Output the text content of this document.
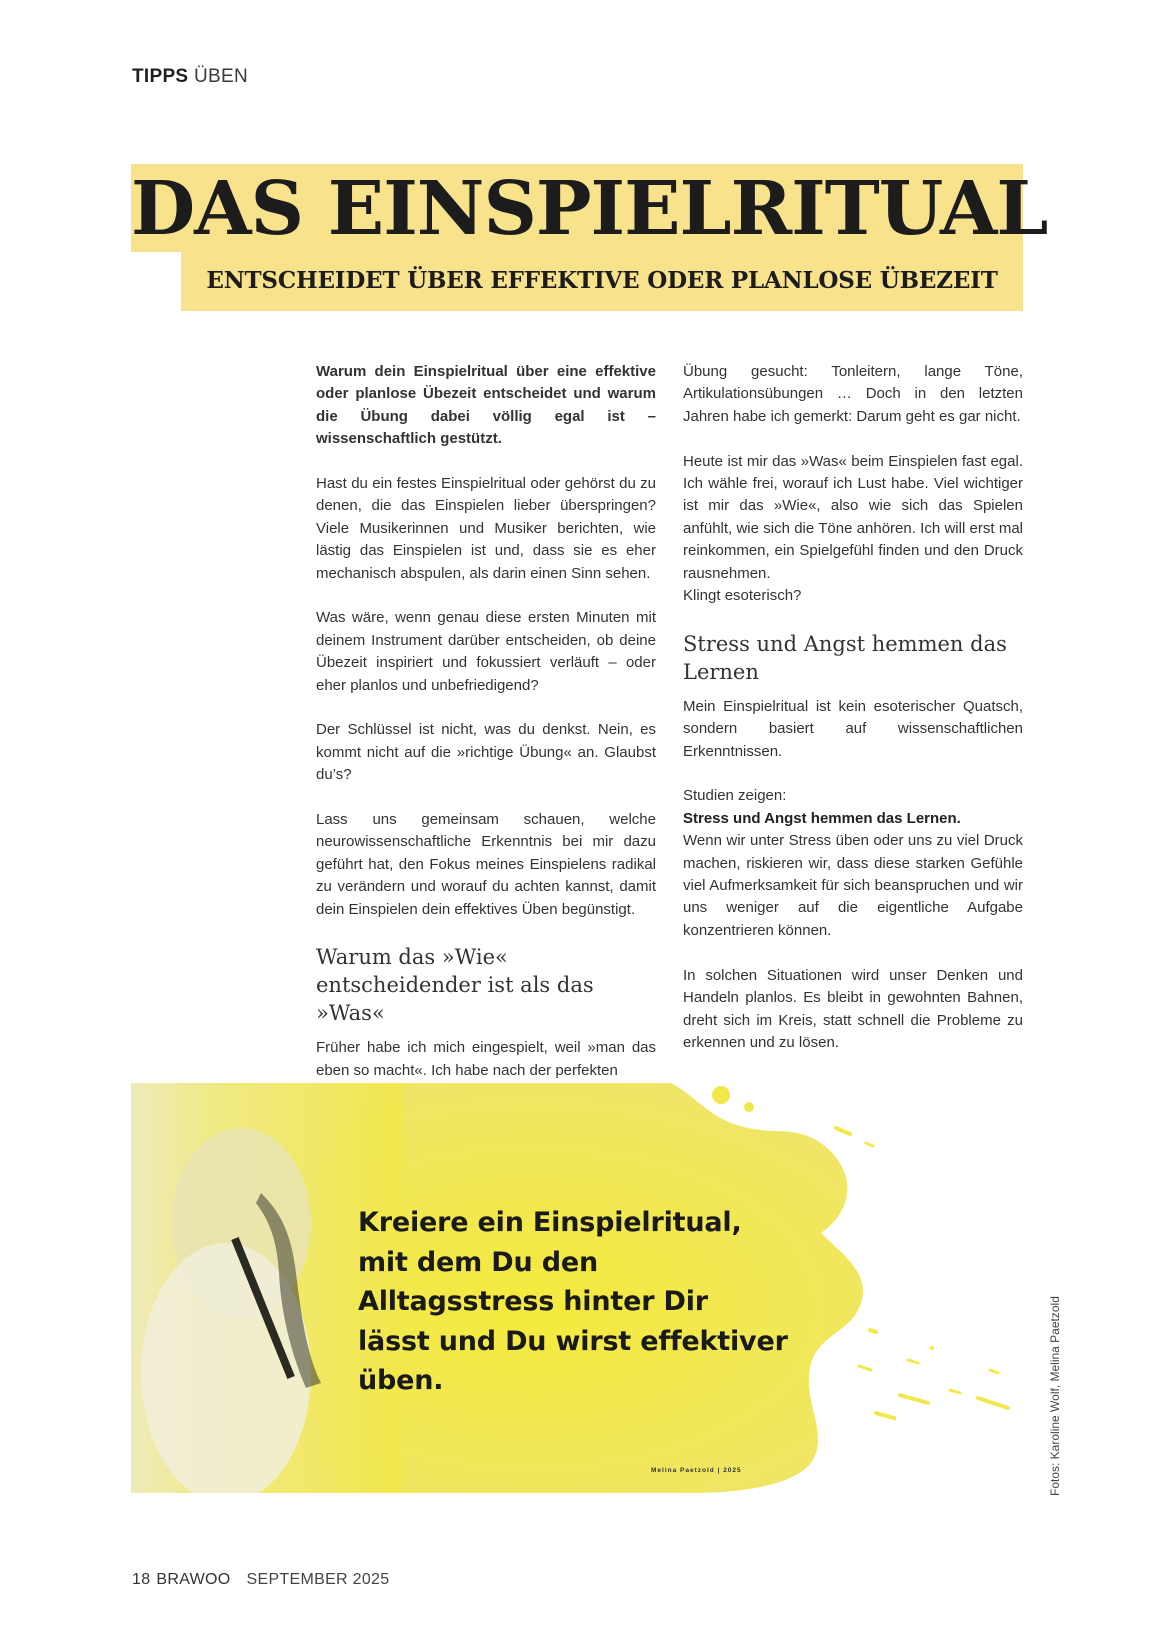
TIPPS ÜBEN
DAS EINSPIELRITUAL
ENTSCHEIDET ÜBER EFFEKTIVE ODER PLANLOSE ÜBEZEIT

Warum dein Einspielritual über eine effektive oder planlose Übezeit entscheidet und warum die Übung dabei völlig egal ist – wissenschaftlich gestützt.

Hast du ein festes Einspielritual oder gehörst du zu denen, die das Einspielen lieber überspringen? Viele Musikerinnen und Musiker berichten, wie lästig das Einspielen ist und, dass sie es eher mechanisch abspulen, als darin einen Sinn sehen.

Was wäre, wenn genau diese ersten Minuten mit deinem Instrument darüber entscheiden, ob deine Übezeit inspiriert und fokussiert verläuft – oder eher planlos und unbefriedigend?

Der Schlüssel ist nicht, was du denkst. Nein, es kommt nicht auf die »richtige Übung« an. Glaubst du’s?

Lass uns gemeinsam schauen, welche neurowissenschaftliche Erkenntnis bei mir dazu geführt hat, den Fokus meines Einspielens radikal zu verändern und worauf du achten kannst, damit dein Einspielen dein effektives Üben begünstigt.

Warum das »Wie« entscheidender ist als das »Was«

Früher habe ich mich eingespielt, weil »man das eben so macht«. Ich habe nach der perfekten

Übung gesucht: Tonleitern, lange Töne, Artikulationsübungen … Doch in den letzten Jahren habe ich gemerkt: Darum geht es gar nicht.

Heute ist mir das »Was« beim Einspielen fast egal. Ich wähle frei, worauf ich Lust habe. Viel wichtiger ist mir das »Wie«, also wie sich das Spielen anfühlt, wie sich die Töne anhören. Ich will erst mal reinkommen, ein Spielgefühl finden und den Druck rausnehmen.

Klingt esoterisch?

Stress und Angst hemmen das Lernen

Mein Einspielritual ist kein esoterischer Quatsch, sondern basiert auf wissenschaftlichen Erkenntnissen.

Studien zeigen:

Stress und Angst hemmen das Lernen.

Wenn wir unter Stress üben oder uns zu viel Druck machen, riskieren wir, dass diese starken Gefühle viel Aufmerksamkeit für sich beanspruchen und wir uns weniger auf die eigentliche Aufgabe konzentrieren können.

In solchen Situationen wird unser Denken und Handeln planlos. Es bleibt in gewohnten Bahnen, dreht sich im Kreis, statt schnell die Probleme zu erkennen und zu lösen.

Kreiere ein Einspielritual, mit dem Du den Alltagsstress hinter Dir lässt und Du wirst effektiver üben.
Melina Paetzold | 2025	Fotos: Karoline Wolf, Melina Paetzold
18 BRAWOO SEPTEMBER 2025
